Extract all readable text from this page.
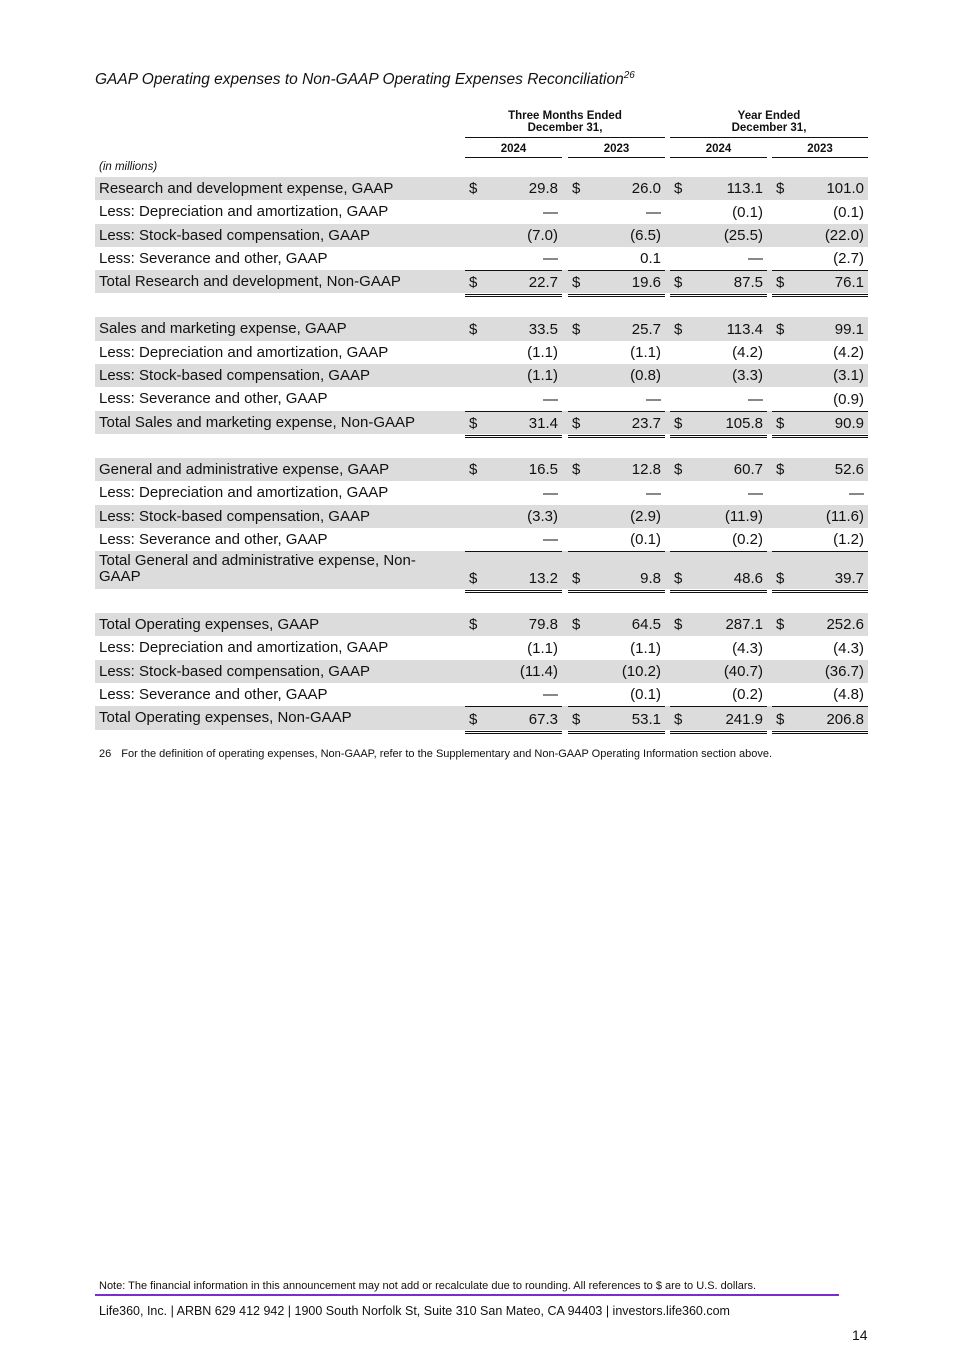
GAAP Operating expenses to Non-GAAP Operating Expenses Reconciliation$^{26}$
Three Months Ended
December 31,
Year Ended
December 31,
2024	2023	2024	2023
(in millions)
Research and development expense, GAAP	$	29.8 $	26.0 $	113.1 $	101.0
Less: Depreciation and amortization, GAAP	—	—	(0.1)	(0.1)
Less: Stock-based compensation, GAAP	(7.0)	(6.5)	(25.5)	(22.0)
Less: Severance and other, GAAP	—	0.1	—	(2.7)
Total Research and development, Non-GAAP	$	22.7 $	19.6 $	87.5 $	76.1
Sales and marketing expense, GAAP	$	33.5 $	25.7 $	113.4 $	99.1
Less: Depreciation and amortization, GAAP	(1.1)	(1.1)	(4.2)	(4.2)
Less: Stock-based compensation, GAAP	(1.1)	(0.8)	(3.3)	(3.1)
Less: Severance and other, GAAP	—	—	—	(0.9)
Total Sales and marketing expense, Non-GAAP	$	31.4 $	23.7 $	105.8 $	90.9
General and administrative expense, GAAP	$	16.5 $	12.8 $	60.7 $	52.6
Less: Depreciation and amortization, GAAP	—	—	—	—
Less: Stock-based compensation, GAAP	(3.3)	(2.9)	(11.9)	(11.6)
Less: Severance and other, GAAP	—	(0.1)	(0.2)	(1.2)
Total General and administrative expense, Non-GAAP	$	13.2 $	9.8 $	48.6 $	39.7
Total Operating expenses, GAAP	$	79.8 $	64.5 $	287.1 $	252.6
Less: Depreciation and amortization, GAAP	(1.1)	(1.1)	(4.3)	(4.3)
Less: Stock-based compensation, GAAP	(11.4)	(10.2)	(40.7)	(36.7)
Less: Severance and other, GAAP	—	(0.1)	(0.2)	(4.8)
Total Operating expenses, Non-GAAP	$	67.3 $	53.1 $	241.9 $	206.8
26 For the definition of operating expenses, Non-GAAP, refer to the Supplementary and Non-GAAP Operating Information section above.
Note: The financial information in this announcement may not add or recalculate due to rounding. All references to $ are to U.S. dollars.
Life360, Inc. | ARBN 629 412 942 | 1900 South Norfolk St, Suite 310 San Mateo, CA 94403 | investors.life360.com
14
